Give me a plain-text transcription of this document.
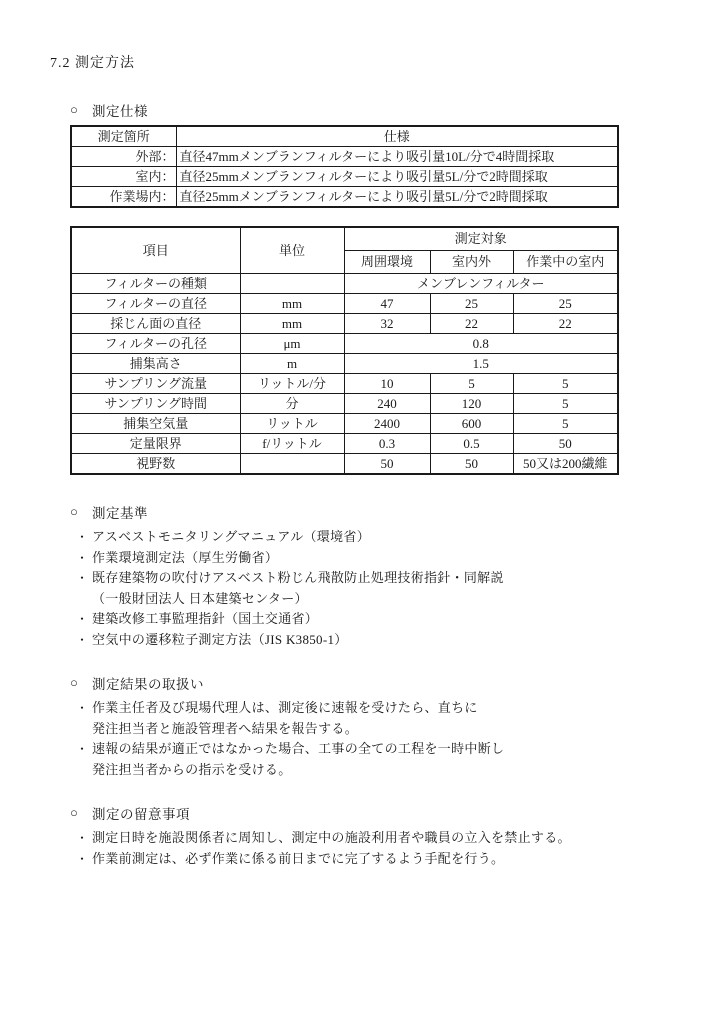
7.2 測定方法
○	測定仕様
測定箇所	仕様
外部：	直径47mmメンブランフィルターにより吸引量10L/分で4時間採取
室内：	直径25mmメンブランフィルターにより吸引量5L/分で2時間採取
作業場内：	直径25mmメンブランフィルターにより吸引量5L/分で2時間採取
項目	単位	測定対象		
		周囲環境	室内外	作業中の室内
フィルターの種類		メンブレンフィルター		
フィルターの直径	mm	47	25	25
採じん面の直径	mm	32	22	22
フィルターの孔径	μm	0.8		
捕集高さ	m	1.5		
サンプリング流量	リットル/分	10	5	5
サンプリング時間	分	240	120	5
捕集空気量	リットル	2400	600	5
定量限界	f/リットル	0.3	0.5	50
視野数		50	50	50又は200繊維
○	測定基準
・ アスベストモニタリングマニュアル（環境省）
・ 作業環境測定法（厚生労働省）
・ 既存建築物の吹付けアスベスト粉じん飛散防止処理技術指針・同解説
（一般財団法人 日本建築センター）
・ 建築改修工事監理指針（国土交通省）
・ 空気中の遷移粒子測定方法（JIS K3850-1）
○	測定結果の取扱い
・ 作業主任者及び現場代理人は、測定後に速報を受けたら、直ちに
発注担当者と施設管理者へ結果を報告する。
・ 速報の結果が適正ではなかった場合、工事の全ての工程を一時中断し
発注担当者からの指示を受ける。
○	測定の留意事項
・ 測定日時を施設関係者に周知し、測定中の施設利用者や職員の立入を禁止する。
・ 作業前測定は、必ず作業に係る前日までに完了するよう手配を行う。
